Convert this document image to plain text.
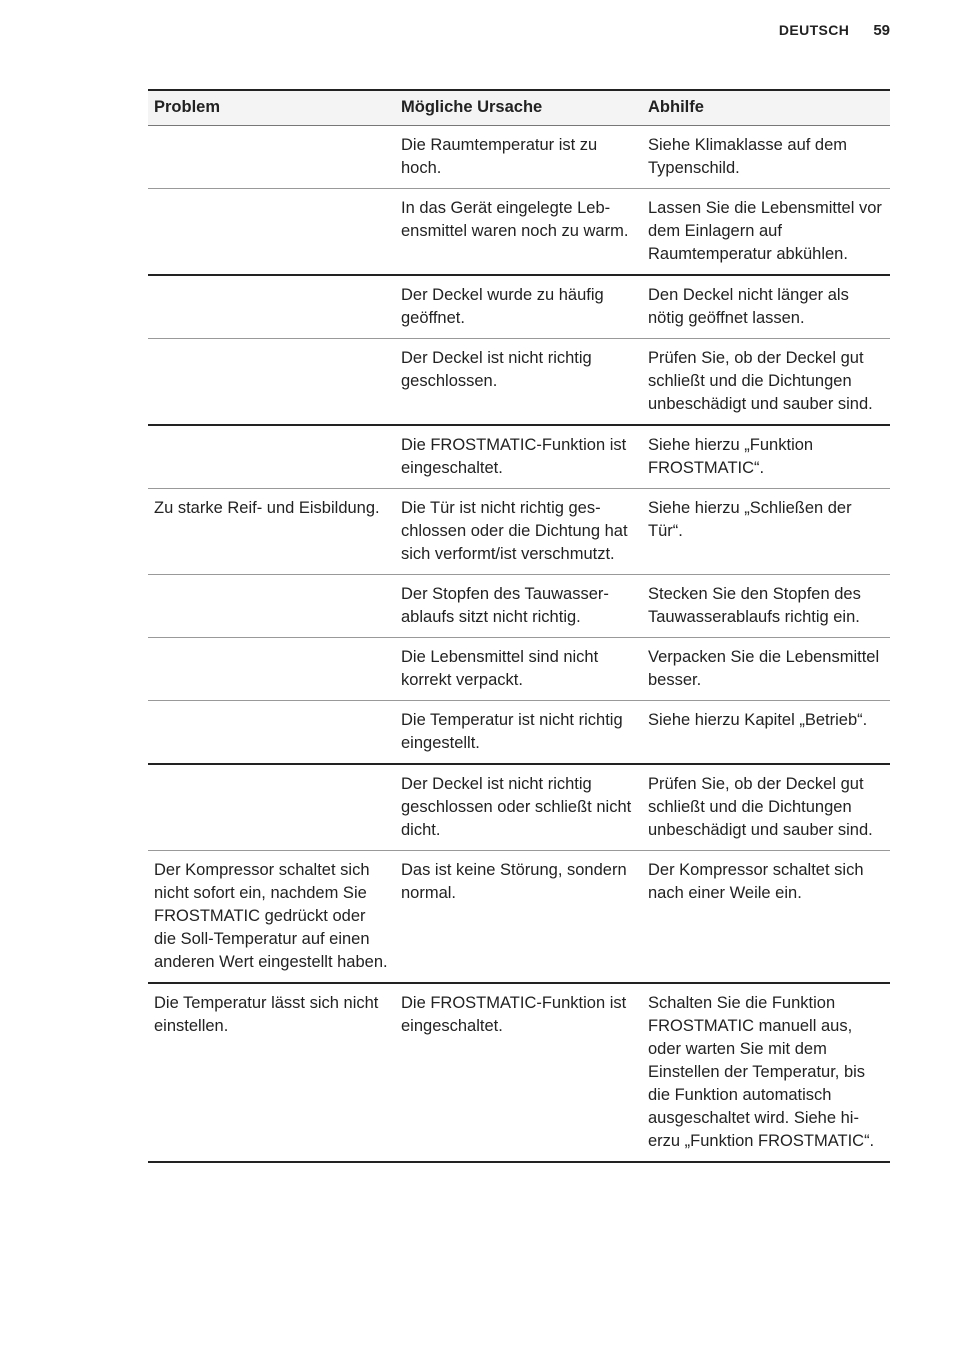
DEUTSCH 59
Problem	Mögliche Ursache	Abhilfe
	Die Raumtemperatur ist zu hoch.	Siehe Klimaklasse auf dem Typenschild.
	In das Gerät eingelegte Lebensmittel waren noch zu warm.	Lassen Sie die Lebensmittel vor dem Einlagern auf Raumtemperatur abkühlen.
	Der Deckel wurde zu häufig geöffnet.	Den Deckel nicht länger als nötig geöffnet lassen.
	Der Deckel ist nicht richtig geschlossen.	Prüfen Sie, ob der Deckel gut schließt und die Dichtungen unbeschädigt und sauber sind.
	Die FROSTMATIC-Funktion ist eingeschaltet.	Siehe hierzu „Funktion FROSTMATIC“.
Zu starke Reif- und Eisbildung.	Die Tür ist nicht richtig geschlossen oder die Dichtung hat sich verformt/ist verschmutzt.	Siehe hierzu „Schließen der Tür“.
	Der Stopfen des Tauwasserablaufs sitzt nicht richtig.	Stecken Sie den Stopfen des Tauwasserablaufs richtig ein.
	Die Lebensmittel sind nicht korrekt verpackt.	Verpacken Sie die Lebensmittel besser.
	Die Temperatur ist nicht richtig eingestellt.	Siehe hierzu Kapitel „Betrieb“.
	Der Deckel ist nicht richtig geschlossen oder schließt nicht dicht.	Prüfen Sie, ob der Deckel gut schließt und die Dichtungen unbeschädigt und sauber sind.
Der Kompressor schaltet sich nicht sofort ein, nachdem Sie FROSTMATIC gedrückt oder die Soll-Temperatur auf einen anderen Wert eingestellt haben.	Das ist keine Störung, sondern normal.	Der Kompressor schaltet sich nach einer Weile ein.
Die Temperatur lässt sich nicht einstellen.	Die FROSTMATIC-Funktion ist eingeschaltet.	Schalten Sie die Funktion FROSTMATIC manuell aus, oder warten Sie mit dem Einstellen der Temperatur, bis die Funktion automatisch ausgeschaltet wird. Siehe hierzu „Funktion FROSTMATIC“.
